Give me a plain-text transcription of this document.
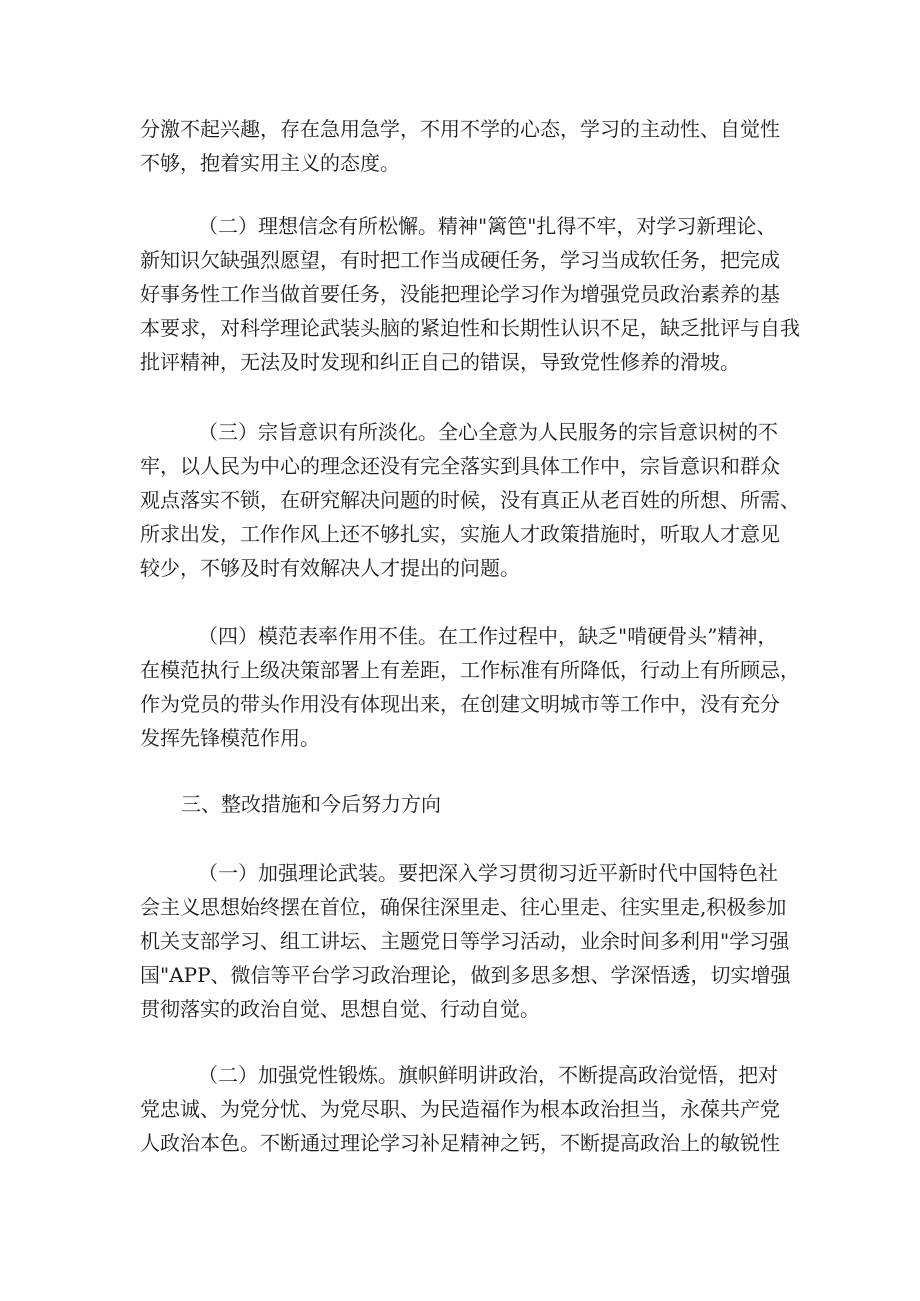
分激不起兴趣，存在急用急学，不用不学的心态，学习的主动性、自觉性
不够，抱着实用主义的态度。

（二）理想信念有所松懈。精神"篱笆"扎得不牢，对学习新理论、
新知识欠缺强烈愿望，有时把工作当成硬任务，学习当成软任务，把完成
好事务性工作当做首要任务，没能把理论学习作为增强党员政治素养的基
本要求，对科学理论武装头脑的紧迫性和长期性认识不足，缺乏批评与自我
批评精神，无法及时发现和纠正自己的错误，导致党性修养的滑坡。

（三）宗旨意识有所淡化。全心全意为人民服务的宗旨意识树的不
牢，以人民为中心的理念还没有完全落实到具体工作中，宗旨意识和群众
观点落实不锁，在研究解决问题的时候，没有真正从老百姓的所想、所需、
所求出发，工作作风上还不够扎实，实施人才政策措施时，听取人才意见
较少，不够及时有效解决人才提出的问题。

（四）模范表率作用不佳。在工作过程中，缺乏"啃硬骨头”精神，
在模范执行上级决策部署上有差距，工作标准有所降低，行动上有所顾忌，
作为党员的带头作用没有体现出来，在创建文明城市等工作中，没有充分
发挥先锋模范作用。

三、整改措施和今后努力方向

（一）加强理论武装。要把深入学习贯彻习近平新时代中国特色社
会主义思想始终摆在首位，确保往深里走、往心里走、往实里走,积极参加
机关支部学习、组工讲坛、主题党日等学习活动，业余时间多利用"学习强
国"APP、微信等平台学习政治理论，做到多思多想、学深悟透，切实增强
贯彻落实的政治自觉、思想自觉、行动自觉。

（二）加强党性锻炼。旗帜鲜明讲政治，不断提高政治觉悟，把对
党忠诚、为党分忧、为党尽职、为民造福作为根本政治担当，永葆共产党
人政治本色。不断通过理论学习补足精神之钙，不断提高政治上的敏锐性
